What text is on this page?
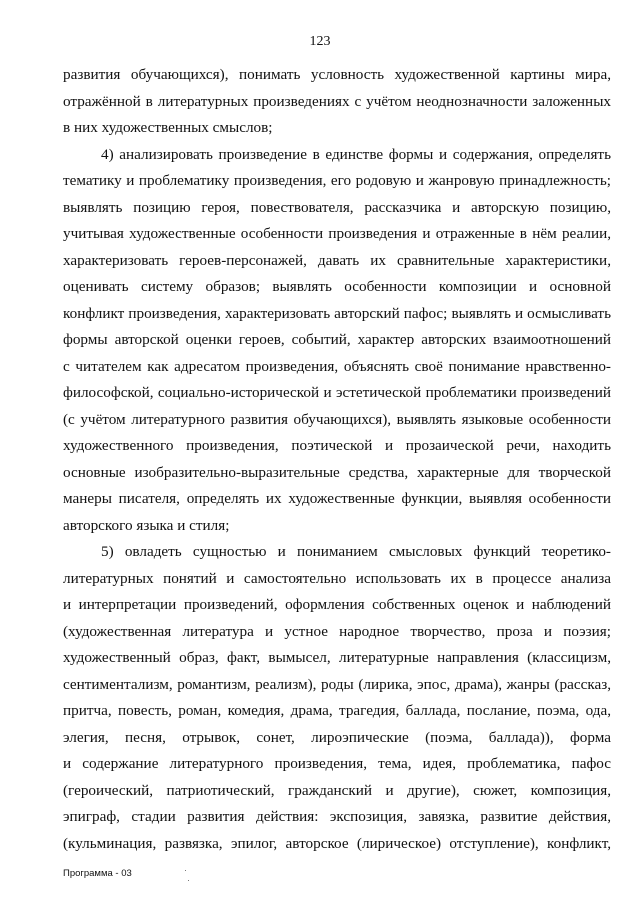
123
развития обучающихся), понимать условность художественной картины мира,
отражённой в литературных произведениях с учётом неоднозначности заложенных
в них художественных смыслов;
4) анализировать произведение в единстве формы и содержания, определять
тематику и проблематику произведения, его родовую и жанровую принадлежность;
выявлять позицию героя, повествователя, рассказчика и авторскую позицию,
учитывая художественные особенности произведения и отраженные в нём реалии,
характеризовать героев-персонажей, давать их сравнительные характеристики,
оценивать систему образов; выявлять особенности композиции и основной
конфликт произведения, характеризовать авторский пафос; выявлять и осмысливать
формы авторской оценки героев, событий, характер авторских взаимоотношений
с читателем как адресатом произведения, объяснять своё понимание нравственно-
философской, социально-исторической и эстетической проблематики произведений
(с учётом литературного развития обучающихся), выявлять языковые особенности
художественного произведения, поэтической и прозаической речи, находить
основные изобразительно-выразительные средства, характерные для творческой
манеры писателя, определять их художественные функции, выявляя особенности
авторского языка и стиля;
5) овладеть сущностью и пониманием смысловых функций теоретико-
литературных понятий и самостоятельно использовать их в процессе анализа
и интерпретации произведений, оформления собственных оценок и наблюдений
(художественная литература и устное народное творчество, проза и поэзия;
художественный образ, факт, вымысел, литературные направления (классицизм,
сентиментализм, романтизм, реализм), роды (лирика, эпос, драма), жанры (рассказ,
притча, повесть, роман, комедия, драма, трагедия, баллада, послание, поэма, ода,
элегия, песня, отрывок, сонет, лироэпические (поэма, баллада)), форма
и содержание литературного произведения, тема, идея, проблематика, пафос
(героический, патриотический, гражданский и другие), сюжет, композиция,
эпиграф, стадии развития действия: экспозиция, завязка, развитие действия,
(кульминация, развязка, эпилог, авторское (лирическое) отступление), конфликт,
Программа - 03
